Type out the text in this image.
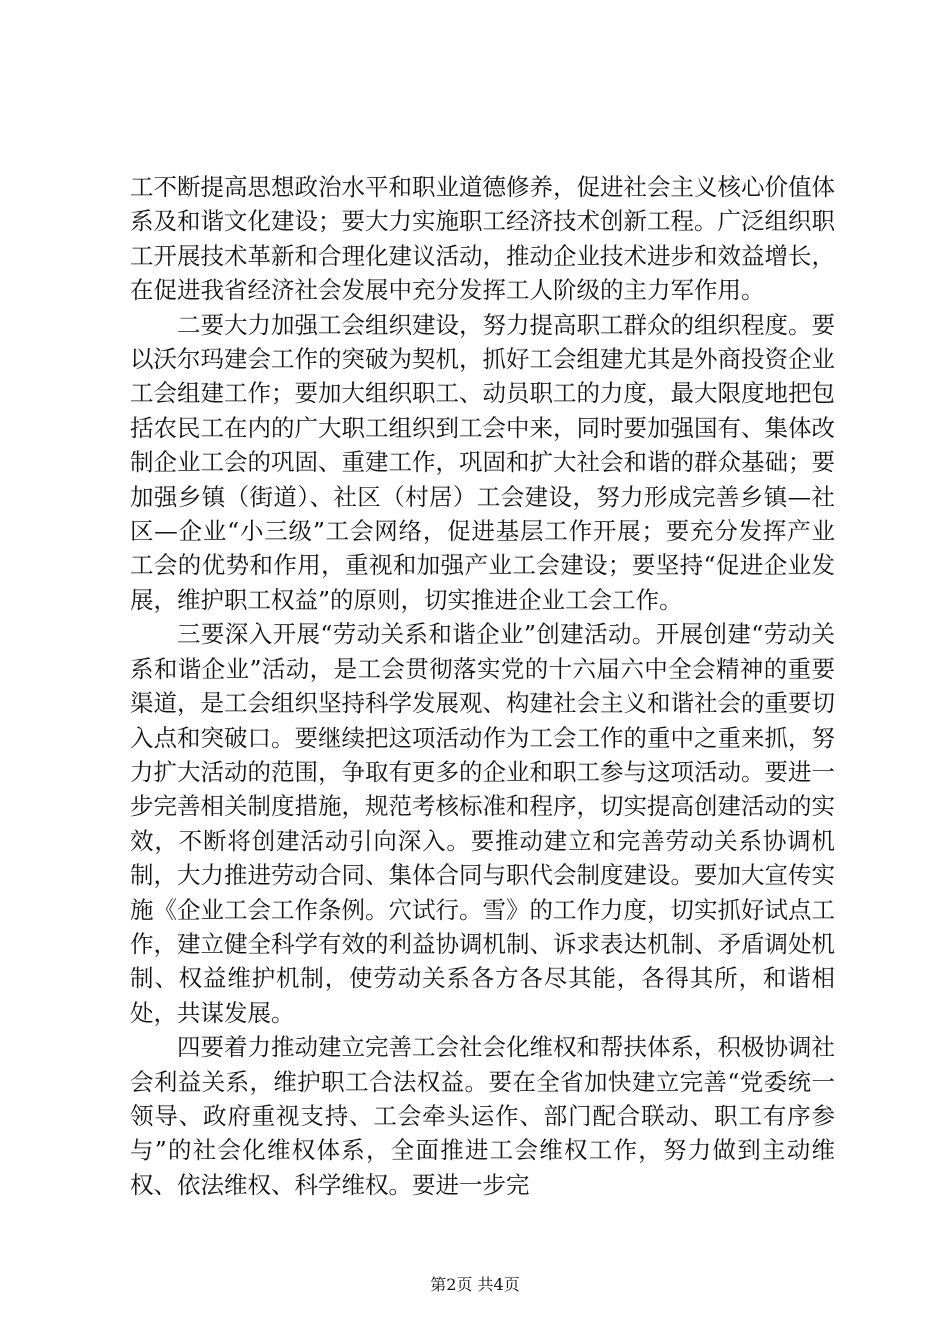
工不断提高思想政治水平和职业道德修养，促进社会主义核心价值体系及和谐文化建设；要大力实施职工经济技术创新工程。广泛组织职工开展技术革新和合理化建议活动，推动企业技术进步和效益增长，在促进我省经济社会发展中充分发挥工人阶级的主力军作用。

二要大力加强工会组织建设，努力提高职工群众的组织程度。要以沃尔玛建会工作的突破为契机，抓好工会组建尤其是外商投资企业工会组建工作；要加大组织职工、动员职工的力度，最大限度地把包括农民工在内的广大职工组织到工会中来，同时要加强国有、集体改制企业工会的巩固、重建工作，巩固和扩大社会和谐的群众基础；要加强乡镇（街道）、社区（村居）工会建设，努力形成完善乡镇—社区—企业“小三级”工会网络，促进基层工作开展；要充分发挥产业工会的优势和作用，重视和加强产业工会建设；要坚持“促进企业发展，维护职工权益”的原则，切实推进企业工会工作。

三要深入开展“劳动关系和谐企业”创建活动。开展创建“劳动关系和谐企业”活动，是工会贯彻落实党的十六届六中全会精神的重要渠道，是工会组织坚持科学发展观、构建社会主义和谐社会的重要切入点和突破口。要继续把这项活动作为工会工作的重中之重来抓，努力扩大活动的范围，争取有更多的企业和职工参与这项活动。要进一步完善相关制度措施，规范考核标准和程序，切实提高创建活动的实效，不断将创建活动引向深入。要推动建立和完善劳动关系协调机制，大力推进劳动合同、集体合同与职代会制度建设。要加大宣传实施《企业工会工作条例。穴试行。雪》的工作力度，切实抓好试点工作，建立健全科学有效的利益协调机制、诉求表达机制、矛盾调处机制、权益维护机制，使劳动关系各方各尽其能，各得其所，和谐相处，共谋发展。

四要着力推动建立完善工会社会化维权和帮扶体系，积极协调社会利益关系，维护职工合法权益。要在全省加快建立完善“党委统一领导、政府重视支持、工会牵头运作、部门配合联动、职工有序参与”的社会化维权体系，全面推进工会维权工作，努力做到主动维权、依法维权、科学维权。要进一步完

第2页 共4页
